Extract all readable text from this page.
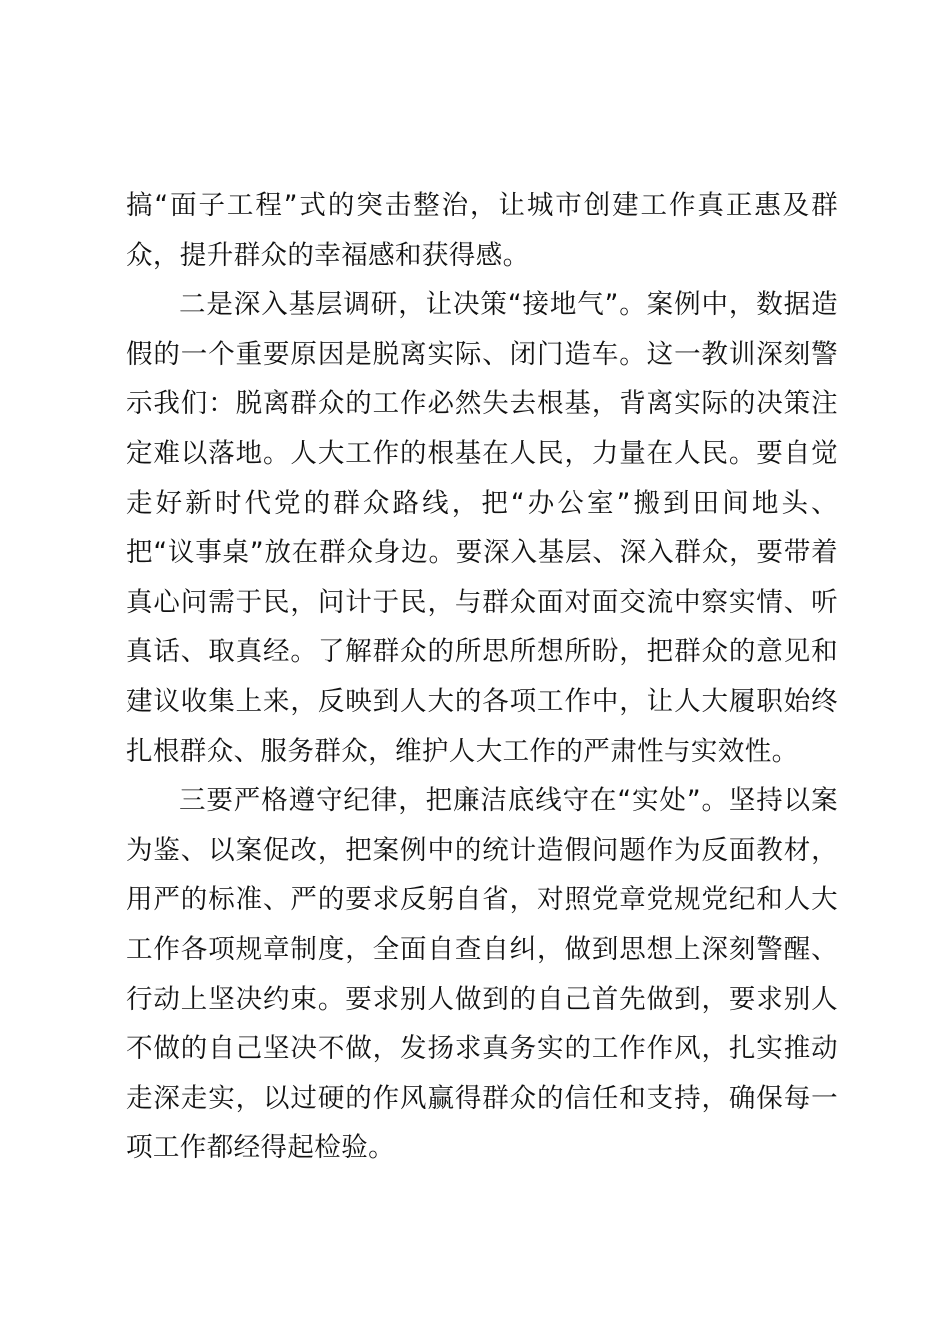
搞“面子工程”式的突击整治，让城市创建工作真正惠及群众，提升群众的幸福感和获得感。

二是深入基层调研，让决策“接地气”。案例中，数据造假的一个重要原因是脱离实际、闭门造车。这一教训深刻警示我们：脱离群众的工作必然失去根基，背离实际的决策注定难以落地。人大工作的根基在人民，力量在人民。要自觉走好新时代党的群众路线，把“办公室”搬到田间地头、把“议事桌”放在群众身边。要深入基层、深入群众，要带着真心问需于民，问计于民，与群众面对面交流中察实情、听真话、取真经。了解群众的所思所想所盼，把群众的意见和建议收集上来，反映到人大的各项工作中，让人大履职始终扎根群众、服务群众，维护人大工作的严肃性与实效性。

三要严格遵守纪律，把廉洁底线守在“实处”。坚持以案为鉴、以案促改，把案例中的统计造假问题作为反面教材，用严的标准、严的要求反躬自省，对照党章党规党纪和人大工作各项规章制度，全面自查自纠，做到思想上深刻警醒、行动上坚决约束。要求别人做到的自己首先做到，要求别人不做的自己坚决不做，发扬求真务实的工作作风，扎实推动走深走实，以过硬的作风赢得群众的信任和支持，确保每一项工作都经得起检验。
